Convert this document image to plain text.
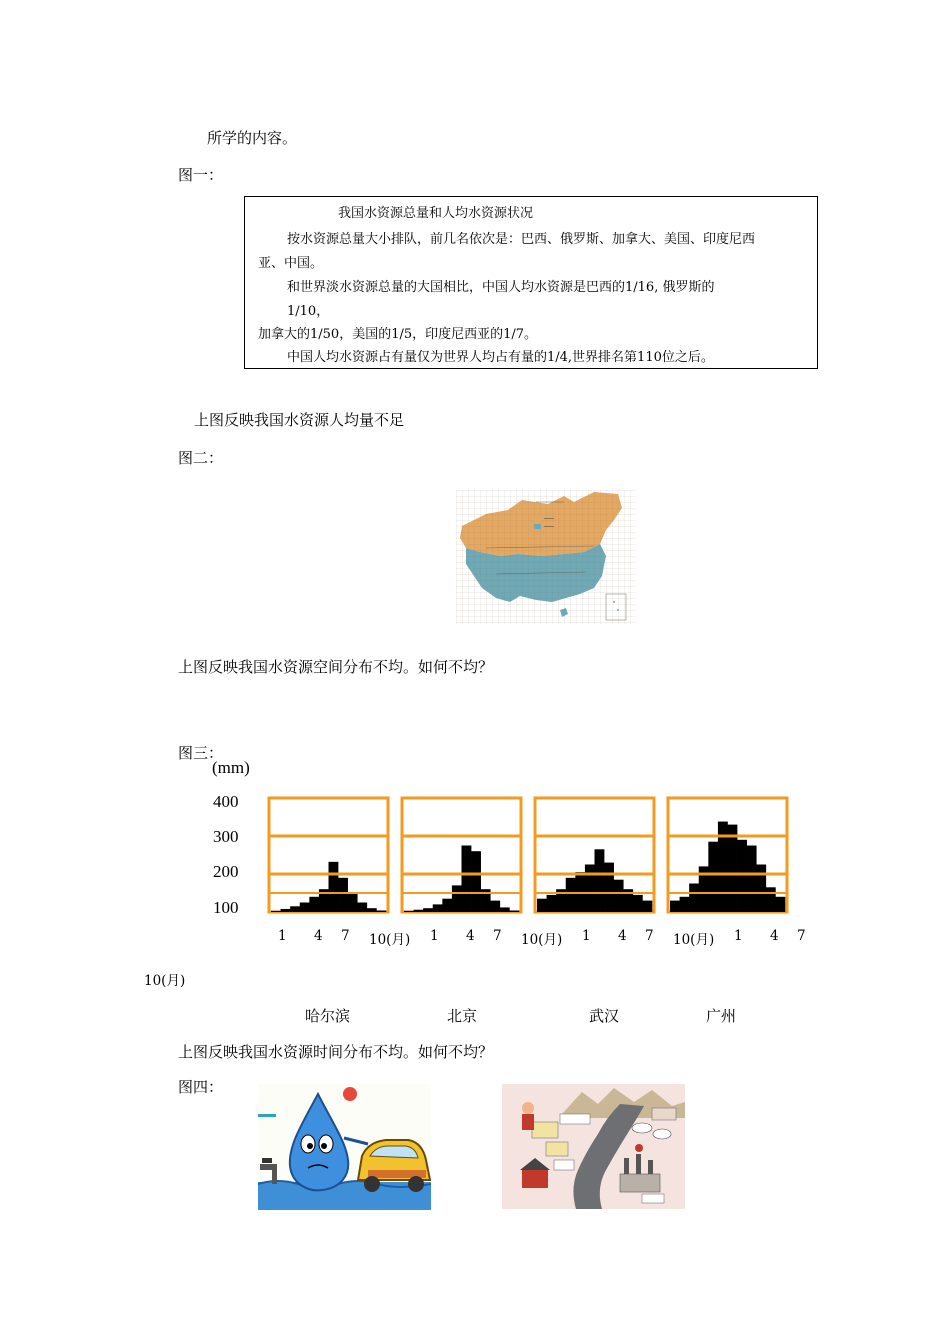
所学的内容。
图一：
我国水资源总量和人均水资源状况
按水资源总量大小排队，前几名依次是：巴西、俄罗斯、加拿大、美国、印度尼西
亚、中国。
和世界淡水资源总量的大国相比，中国人均水资源是巴西的1/16, 俄罗斯的
1/10，
加拿大的1/50，美国的1/5，印度尼西亚的1/7。
中国人均水资源占有量仅为世界人均占有量的1/4,世界排名第110位之后。
上图反映我国水资源人均量不足
图二：
上图反映我国水资源空间分布不均。如何不均？
图三：
(mm)
400
300
200
100
1 4 7 10(月) 1 4 7 10(月) 1 4 7 10(月) 1 4 7
10(月)
哈尔滨	北京	武汉	广州
上图反映我国水资源时间分布不均。如何不均？
图四：
